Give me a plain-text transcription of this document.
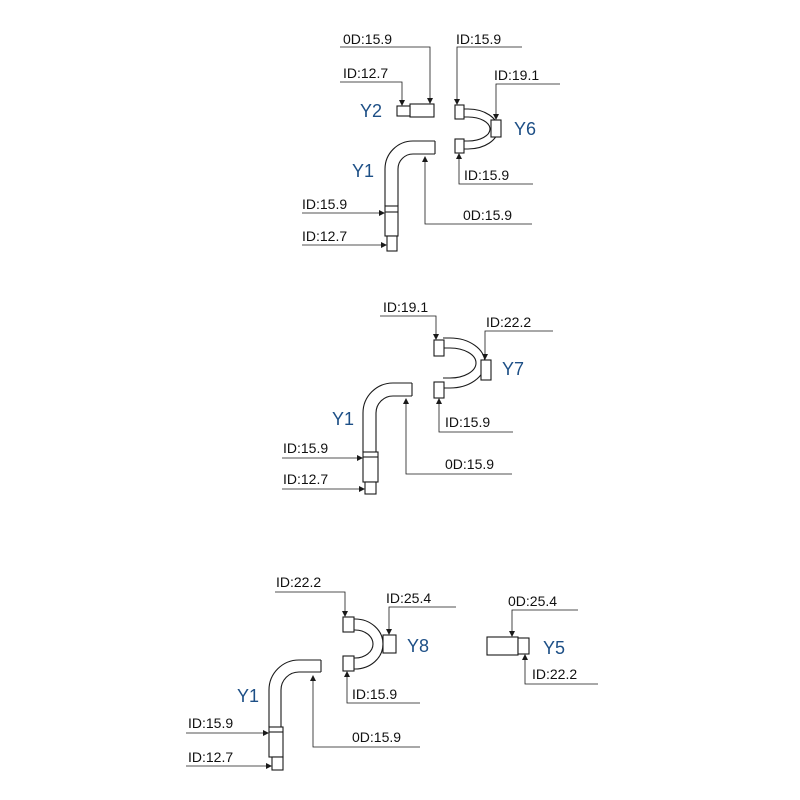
Y2
0D:15.9
ID:12.7
Y6
ID:15.9
ID:19.1
ID:15.9
Y1
ID:15.9
ID:12.7
0D:15.9
Y7
ID:19.1
ID:22.2
ID:15.9
Y1
ID:15.9
ID:12.7
0D:15.9
Y8
ID:22.2
ID:25.4
ID:15.9
Y5
0D:25.4
ID:22.2
Y1
ID:15.9
ID:12.7
0D:15.9
